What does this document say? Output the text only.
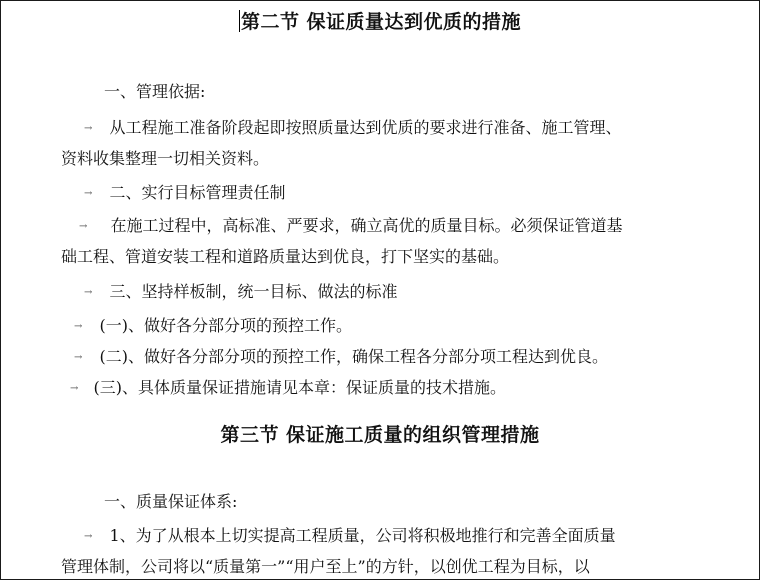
第二节 保证质量达到优质的措施
一、管理依据:
→ 从工程施工准备阶段起即按照质量达到优质的要求进行准备、施工管理、
资料收集整理一切相关资料。
→ 二、实行目标管理责任制
→ 在施工过程中，高标准、严要求，确立高优的质量目标。必须保证管道基
础工程、管道安装工程和道路质量达到优良，打下坚实的基础。
→ 三、坚持样板制，统一目标、做法的标准
→ (一)、做好各分部分项的预控工作。
→ (二)、做好各分部分项的预控工作，确保工程各分部分项工程达到优良。
→ (三)、具体质量保证措施请见本章：保证质量的技术措施。
第三节 保证施工质量的组织管理措施
一、质量保证体系:
→ 1、为了从根本上切实提高工程质量，公司将积极地推行和完善全面质量
管理体制，公司将以“质量第一”“用户至上”的方针，以创优工程为目标，以
